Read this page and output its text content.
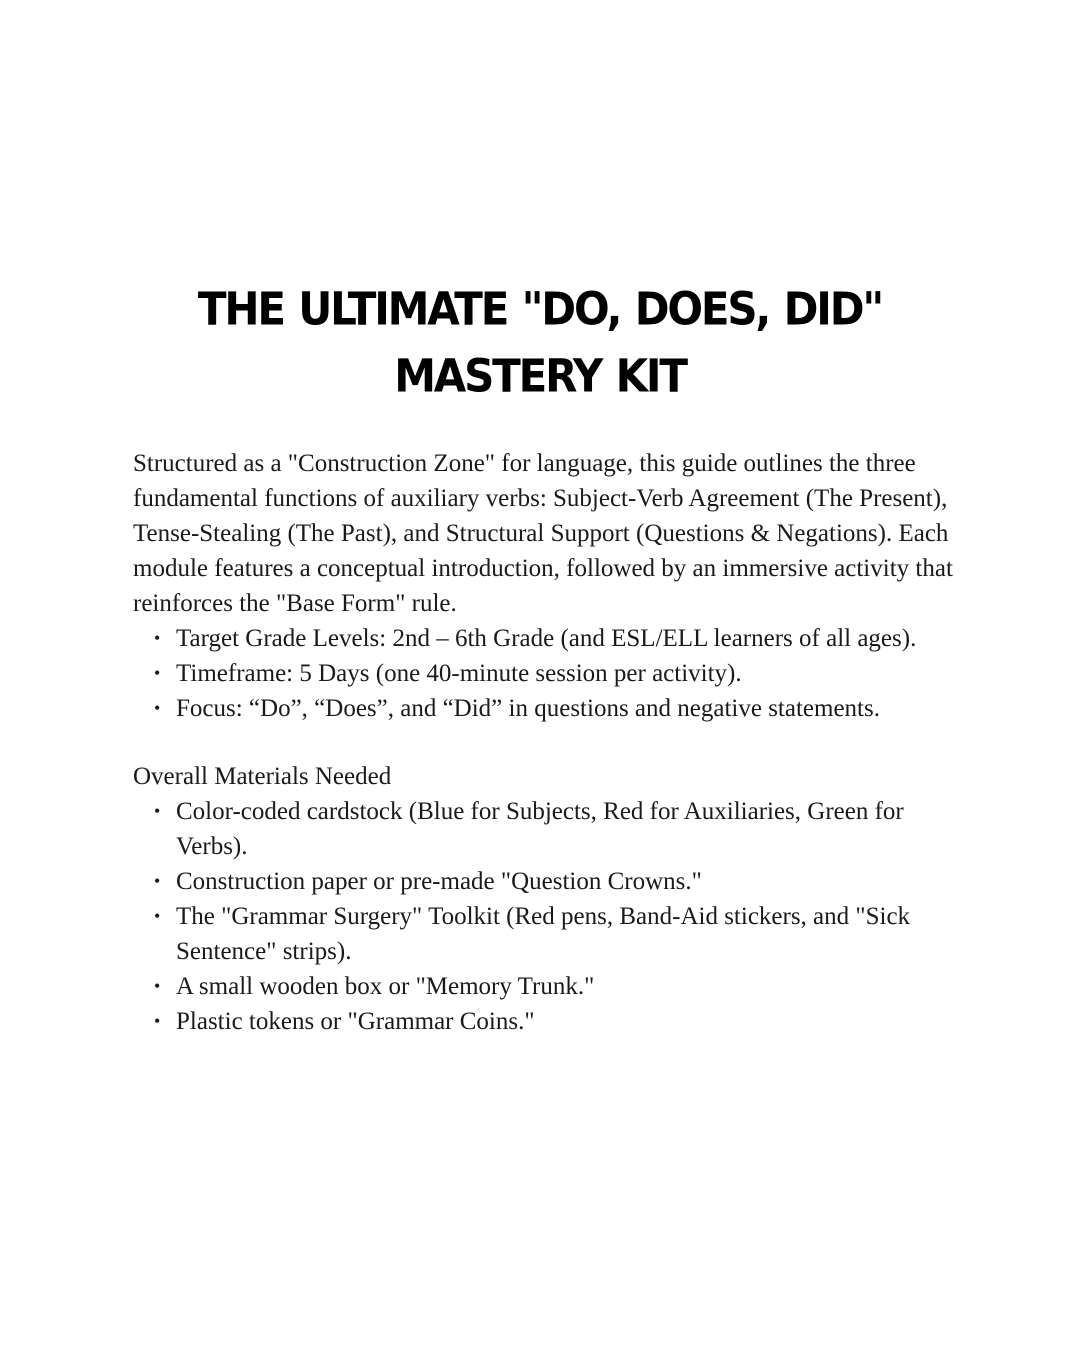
THE ULTIMATE "DO, DOES, DID" MASTERY KIT

Structured as a "Construction Zone" for language, this guide outlines the three fundamental functions of auxiliary verbs: Subject-Verb Agreement (The Present), Tense-Stealing (The Past), and Structural Support (Questions & Negations). Each module features a conceptual introduction, followed by an immersive activity that reinforces the "Base Form" rule.

• Target Grade Levels: 2nd – 6th Grade (and ESL/ELL learners of all ages).
• Timeframe: 5 Days (one 40-minute session per activity).
• Focus: “Do”, “Does”, and “Did” in questions and negative statements.

Overall Materials Needed

• Color-coded cardstock (Blue for Subjects, Red for Auxiliaries, Green for Verbs).
• Construction paper or pre-made "Question Crowns."
• The "Grammar Surgery" Toolkit (Red pens, Band-Aid stickers, and "Sick Sentence" strips).
• A small wooden box or "Memory Trunk."
• Plastic tokens or "Grammar Coins."
